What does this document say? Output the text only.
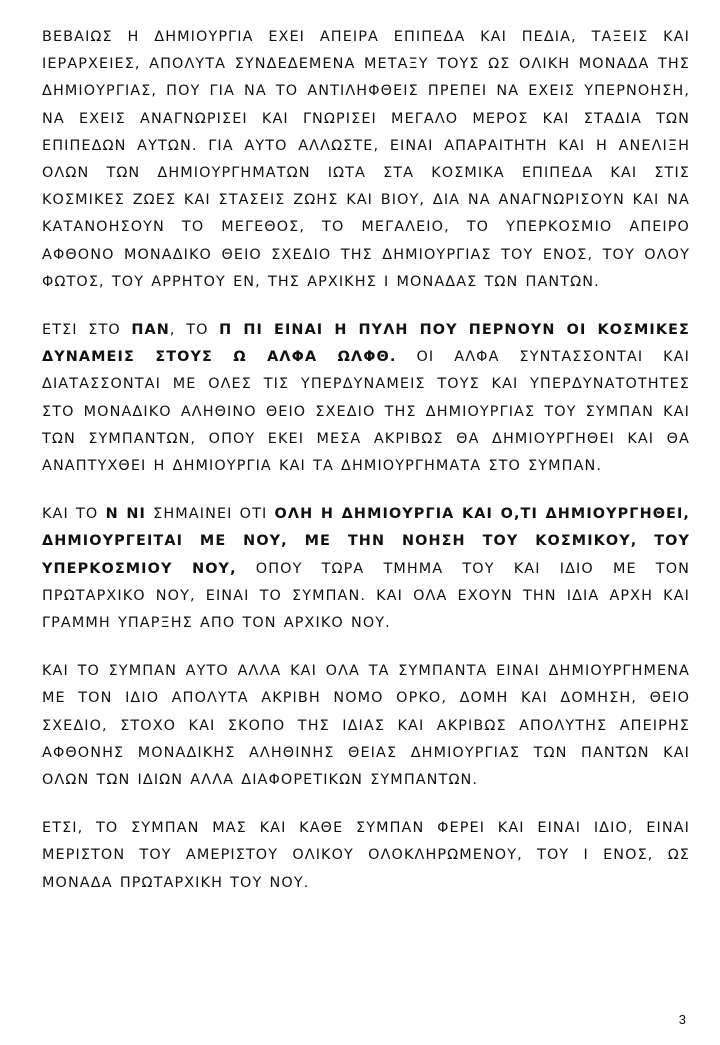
ΒΕΒΑΙΩΣ Η ΔΗΜΙΟΥΡΓΙΑ ΕΧΕΙ ΑΠΕΙΡΑ ΕΠΙΠΕΔΑ ΚΑΙ ΠΕΔΙΑ, ΤΑΞΕΙΣ ΚΑΙ ΙΕΡΑΡΧΕΙΕΣ, ΑΠΟΛΥΤΑ ΣΥΝΔΕΔΕΜΕΝΑ ΜΕΤΑΞΥ ΤΟΥΣ ΩΣ ΟΛΙΚΗ ΜΟΝΑΔΑ ΤΗΣ ΔΗΜΙΟΥΡΓΙΑΣ, ΠΟΥ ΓΙΑ ΝΑ ΤΟ ΑΝΤΙΛΗΦΘΕΙΣ ΠΡΕΠΕΙ ΝΑ ΕΧΕΙΣ ΥΠΕΡΝΟΗΣΗ, ΝΑ ΕΧΕΙΣ ΑΝΑΓΝΩΡΙΣΕΙ ΚΑΙ ΓΝΩΡΙΣΕΙ ΜΕΓΑΛΟ ΜΕΡΟΣ ΚΑΙ ΣΤΑΔΙΑ ΤΩΝ ΕΠΙΠΕΔΩΝ ΑΥΤΩΝ. ΓΙΑ ΑΥΤΟ ΑΛΛΩΣΤΕ, ΕΙΝΑΙ ΑΠΑΡΑΙΤΗΤΗ ΚΑΙ Η ΑΝΕΛΙΞΗ ΟΛΩΝ ΤΩΝ ΔΗΜΙΟΥΡΓΗΜΑΤΩΝ ΙΩΤΑ ΣΤΑ ΚΟΣΜΙΚΑ ΕΠΙΠΕΔΑ ΚΑΙ ΣΤΙΣ ΚΟΣΜΙΚΕΣ ΖΩΕΣ ΚΑΙ ΣΤΑΣΕΙΣ ΖΩΗΣ ΚΑΙ ΒΙΟΥ, ΔΙΑ ΝΑ ΑΝΑΓΝΩΡΙΣΟΥΝ ΚΑΙ ΝΑ ΚΑΤΑΝΟΗΣΟΥΝ ΤΟ ΜΕΓΕΘΟΣ, ΤΟ ΜΕΓΑΛΕΙΟ, ΤΟ ΥΠΕΡΚΟΣΜΙΟ ΑΠΕΙΡΟ ΑΦΘΟΝΟ ΜΟΝΑΔΙΚΟ ΘΕΙΟ ΣΧΕΔΙΟ ΤΗΣ ΔΗΜΙΟΥΡΓΙΑΣ ΤΟΥ ΕΝΟΣ, ΤΟΥ ΟΛΟΥ ΦΩΤΟΣ, ΤΟΥ ΑΡΡΗΤΟΥ ΕΝ, ΤΗΣ ΑΡΧΙΚΗΣ Ι ΜΟΝΑΔΑΣ ΤΩΝ ΠΑΝΤΩΝ.

ΕΤΣΙ ΣΤΟ ΠΑΝ, ΤΟ Π ΠΙ ΕΙΝΑΙ Η ΠΥΛΗ ΠΟΥ ΠΕΡΝΟΥΝ ΟΙ ΚΟΣΜΙΚΕΣ ΔΥΝΑΜΕΙΣ ΣΤΟΥΣ Ω ΑΛΦΑ ΩΛΦΘ. ΟΙ ΑΛΦΑ ΣΥΝΤΑΣΣΟΝΤΑΙ ΚΑΙ ΔΙΑΤΑΣΣΟΝΤΑΙ ΜΕ ΟΛΕΣ ΤΙΣ ΥΠΕΡΔΥΝΑΜΕΙΣ ΤΟΥΣ ΚΑΙ ΥΠΕΡΔΥΝΑΤΟΤΗΤΕΣ ΣΤΟ ΜΟΝΑΔΙΚΟ ΑΛΗΘΙΝΟ ΘΕΙΟ ΣΧΕΔΙΟ ΤΗΣ ΔΗΜΙΟΥΡΓΙΑΣ ΤΟΥ ΣΥΜΠΑΝ ΚΑΙ ΤΩΝ ΣΥΜΠΑΝΤΩΝ, ΟΠΟΥ ΕΚΕΙ ΜΕΣΑ ΑΚΡΙΒΩΣ ΘΑ ΔΗΜΙΟΥΡΓΗΘΕΙ ΚΑΙ ΘΑ ΑΝΑΠΤΥΧΘΕΙ Η ΔΗΜΙΟΥΡΓΙΑ ΚΑΙ ΤΑ ΔΗΜΙΟΥΡΓΗΜΑΤΑ ΣΤΟ ΣΥΜΠΑΝ.

ΚΑΙ ΤΟ Ν ΝΙ ΣΗΜΑΙΝΕΙ ΟΤΙ ΟΛΗ Η ΔΗΜΙΟΥΡΓΙΑ ΚΑΙ Ο,ΤΙ ΔΗΜΙΟΥΡΓΗΘΕΙ, ΔΗΜΙΟΥΡΓΕΙΤΑΙ ΜΕ ΝΟΥ, ΜΕ ΤΗΝ ΝΟΗΣΗ ΤΟΥ ΚΟΣΜΙΚΟΥ, ΤΟΥ ΥΠΕΡΚΟΣΜΙΟΥ ΝΟΥ, ΟΠΟΥ ΤΩΡΑ ΤΜΗΜΑ ΤΟΥ ΚΑΙ ΙΔΙΟ ΜΕ ΤΟΝ ΠΡΩΤΑΡΧΙΚΟ ΝΟΥ, ΕΙΝΑΙ ΤΟ ΣΥΜΠΑΝ. ΚΑΙ ΟΛΑ ΕΧΟΥΝ ΤΗΝ ΙΔΙΑ ΑΡΧΗ ΚΑΙ ΓΡΑΜΜΗ ΥΠΑΡΞΗΣ ΑΠΟ ΤΟΝ ΑΡΧΙΚΟ ΝΟΥ.

ΚΑΙ ΤΟ ΣΥΜΠΑΝ ΑΥΤΟ ΑΛΛΑ ΚΑΙ ΟΛΑ ΤΑ ΣΥΜΠΑΝΤΑ ΕΙΝΑΙ ΔΗΜΙΟΥΡΓΗΜΕΝΑ ΜΕ ΤΟΝ ΙΔΙΟ ΑΠΟΛΥΤΑ ΑΚΡΙΒΗ ΝΟΜΟ ΟΡΚΟ, ΔΟΜΗ ΚΑΙ ΔΟΜΗΣΗ, ΘΕΙΟ ΣΧΕΔΙΟ, ΣΤΟΧΟ ΚΑΙ ΣΚΟΠΟ ΤΗΣ ΙΔΙΑΣ ΚΑΙ ΑΚΡΙΒΩΣ ΑΠΟΛΥΤΗΣ ΑΠΕΙΡΗΣ ΑΦΘΟΝΗΣ ΜΟΝΑΔΙΚΗΣ ΑΛΗΘΙΝΗΣ ΘΕΙΑΣ ΔΗΜΙΟΥΡΓΙΑΣ ΤΩΝ ΠΑΝΤΩΝ ΚΑΙ ΟΛΩΝ ΤΩΝ ΙΔΙΩΝ ΑΛΛΑ ΔΙΑΦΟΡΕΤΙΚΩΝ ΣΥΜΠΑΝΤΩΝ.

ΕΤΣΙ, ΤΟ ΣΥΜΠΑΝ ΜΑΣ ΚΑΙ ΚΑΘΕ ΣΥΜΠΑΝ ΦΕΡΕΙ ΚΑΙ ΕΙΝΑΙ ΙΔΙΟ, ΕΙΝΑΙ ΜΕΡΙΣΤΟΝ ΤΟΥ ΑΜΕΡΙΣΤΟΥ ΟΛΙΚΟΥ ΟΛΟΚΛΗΡΩΜΕΝΟΥ, ΤΟΥ Ι ΕΝΟΣ, ΩΣ ΜΟΝΑΔΑ ΠΡΩΤΑΡΧΙΚΗ ΤΟΥ ΝΟΥ.

3
